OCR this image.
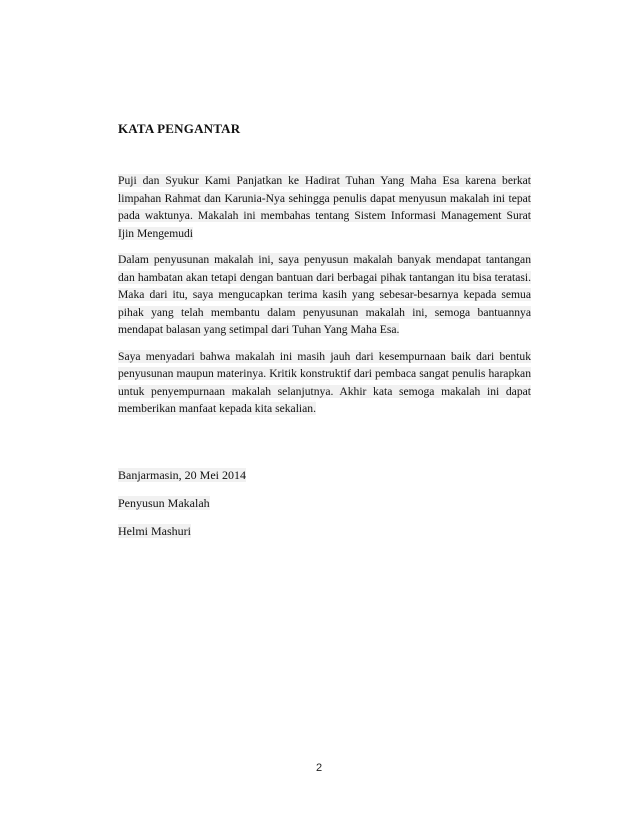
KATA PENGANTAR

Puji dan Syukur Kami Panjatkan ke Hadirat Tuhan Yang Maha Esa karena berkat limpahan Rahmat dan Karunia-Nya sehingga penulis dapat menyusun makalah ini tepat pada waktunya. Makalah ini membahas tentang Sistem Informasi Management Surat Ijin Mengemudi

Dalam penyusunan makalah ini, saya penyusun makalah banyak mendapat tantangan dan hambatan akan tetapi dengan bantuan dari berbagai pihak tantangan itu bisa teratasi. Maka dari itu, saya mengucapkan terima kasih yang sebesar-besarnya kepada semua pihak yang telah membantu dalam penyusunan makalah ini, semoga bantuannya mendapat balasan yang setimpal dari Tuhan Yang Maha Esa.

Saya menyadari bahwa makalah ini masih jauh dari kesempurnaan baik dari bentuk penyusunan maupun materinya. Kritik konstruktif dari pembaca sangat penulis harapkan untuk penyempurnaan makalah selanjutnya. Akhir kata semoga makalah ini dapat memberikan manfaat kepada kita sekalian.

Banjarmasin, 20 Mei 2014
Penyusun Makalah
Helmi Mashuri
2
